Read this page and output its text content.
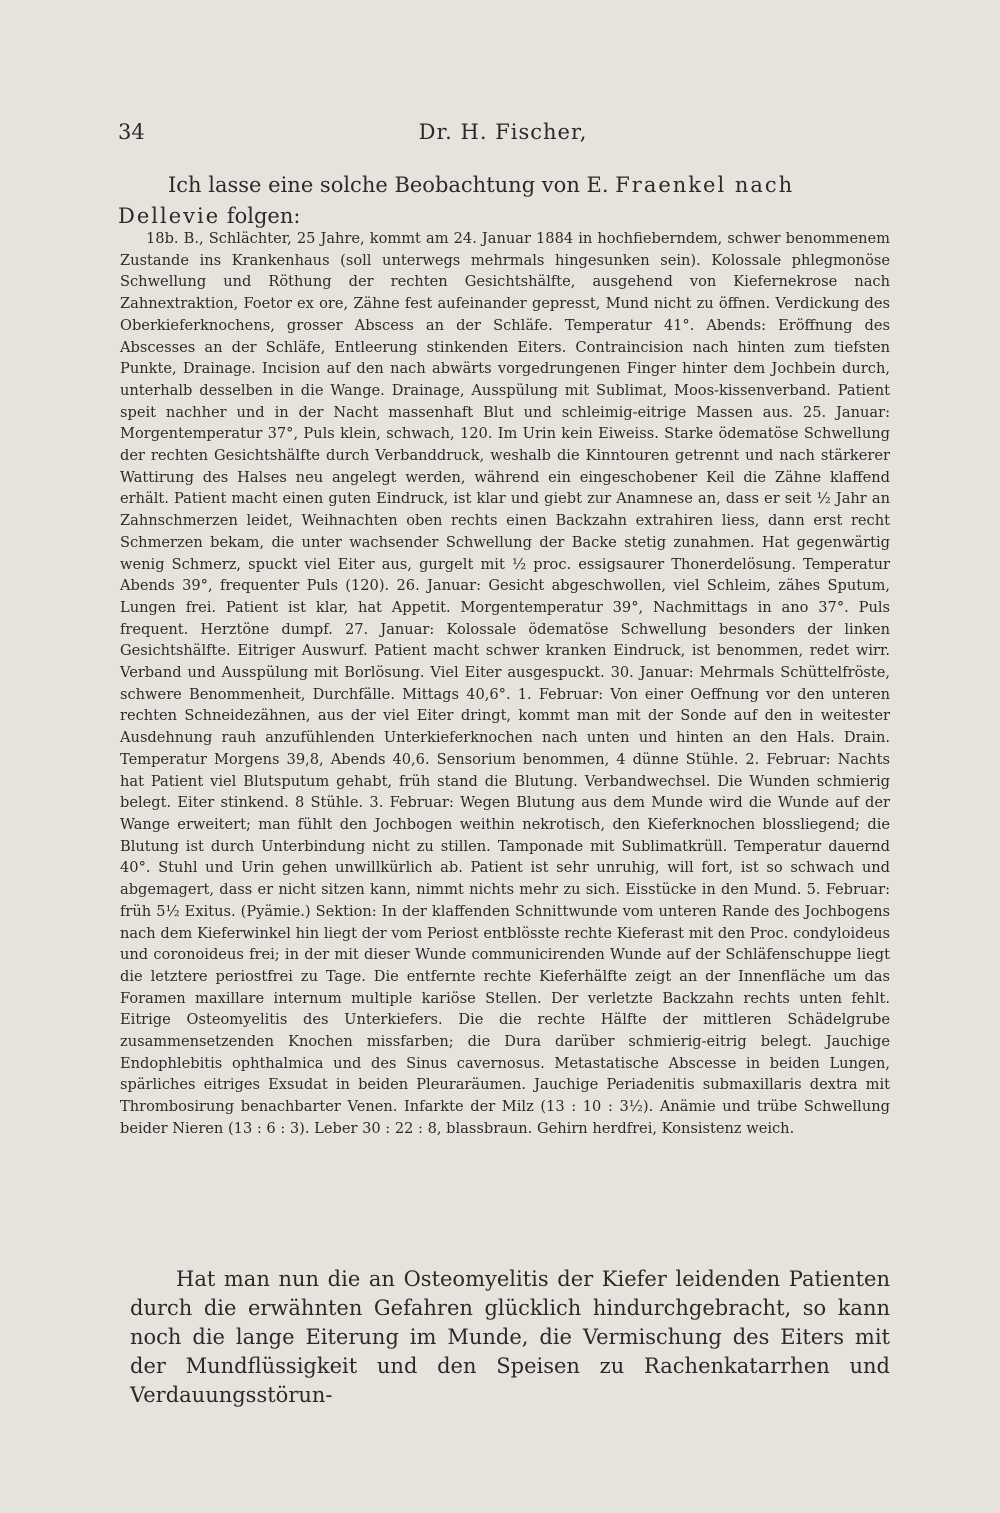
34	Dr. H. Fischer,

Ich lasse eine solche Beobachtung von E. Fraenkel nach Dellevie folgen:

18b. B., Schlächter, 25 Jahre, kommt am 24. Januar 1884 in hochfieberndem, schwer benommenem Zustande ins Krankenhaus (soll unterwegs mehrmals hingesunken sein). Kolossale phlegmonöse Schwellung und Röthung der rechten Gesichtshälfte, ausgehend von Kiefernekrose nach Zahnextraktion, Foetor ex ore, Zähne fest aufeinander gepresst, Mund nicht zu öffnen. Verdickung des Oberkieferknochens, grosser Abscess an der Schläfe. Temperatur 41°. Abends: Eröffnung des Abscesses an der Schläfe, Entleerung stinkenden Eiters. Contraincision nach hinten zum tiefsten Punkte, Drainage. Incision auf den nach abwärts vorgedrungenen Finger hinter dem Jochbein durch, unterhalb desselben in die Wange. Drainage, Ausspülung mit Sublimat, Moos-kissenverband. Patient speit nachher und in der Nacht massenhaft Blut und schleimig-eitrige Massen aus. 25. Januar: Morgentemperatur 37°, Puls klein, schwach, 120. Im Urin kein Eiweiss. Starke ödematöse Schwellung der rechten Gesichtshälfte durch Verbanddruck, weshalb die Kinntouren getrennt und nach stärkerer Wattirung des Halses neu angelegt werden, während ein eingeschobener Keil die Zähne klaffend erhält. Patient macht einen guten Eindruck, ist klar und giebt zur Anamnese an, dass er seit ½ Jahr an Zahnschmerzen leidet, Weihnachten oben rechts einen Backzahn extrahiren liess, dann erst recht Schmerzen bekam, die unter wachsender Schwellung der Backe stetig zunahmen. Hat gegenwärtig wenig Schmerz, spuckt viel Eiter aus, gurgelt mit ½ proc. essigsaurer Thonerdelösung. Temperatur Abends 39°, frequenter Puls (120). 26. Januar: Gesicht abgeschwollen, viel Schleim, zähes Sputum, Lungen frei. Patient ist klar, hat Appetit. Morgentemperatur 39°, Nachmittags in ano 37°. Puls frequent. Herztöne dumpf. 27. Januar: Kolossale ödematöse Schwellung besonders der linken Gesichtshälfte. Eitriger Auswurf. Patient macht schwer kranken Eindruck, ist benommen, redet wirr. Verband und Ausspülung mit Borlösung. Viel Eiter ausgespuckt. 30. Januar: Mehrmals Schüttelfröste, schwere Benommenheit, Durchfälle. Mittags 40,6°. 1. Februar: Von einer Oeffnung vor den unteren rechten Schneidezähnen, aus der viel Eiter dringt, kommt man mit der Sonde auf den in weitester Ausdehnung rauh anzufühlenden Unterkieferknochen nach unten und hinten an den Hals. Drain. Temperatur Morgens 39,8, Abends 40,6. Sensorium benommen, 4 dünne Stühle. 2. Februar: Nachts hat Patient viel Blutsputum gehabt, früh stand die Blutung. Verbandwechsel. Die Wunden schmierig belegt. Eiter stinkend. 8 Stühle. 3. Februar: Wegen Blutung aus dem Munde wird die Wunde auf der Wange erweitert; man fühlt den Jochbogen weithin nekrotisch, den Kieferknochen blossliegend; die Blutung ist durch Unterbindung nicht zu stillen. Tamponade mit Sublimatkrüll. Temperatur dauernd 40°. Stuhl und Urin gehen unwillkürlich ab. Patient ist sehr unruhig, will fort, ist so schwach und abgemagert, dass er nicht sitzen kann, nimmt nichts mehr zu sich. Eisstücke in den Mund. 5. Februar: früh 5½ Exitus. (Pyämie.) Sektion: In der klaffenden Schnittwunde vom unteren Rande des Jochbogens nach dem Kieferwinkel hin liegt der vom Periost entblösste rechte Kieferast mit den Proc. condyloideus und coronoideus frei; in der mit dieser Wunde communicirenden Wunde auf der Schläfenschuppe liegt die letztere periostfrei zu Tage. Die entfernte rechte Kieferhälfte zeigt an der Innenfläche um das Foramen maxillare internum multiple kariöse Stellen. Der verletzte Backzahn rechts unten fehlt. Eitrige Osteomyelitis des Unterkiefers. Die die rechte Hälfte der mittleren Schädelgrube zusammensetzenden Knochen missfarben; die Dura darüber schmierig-eitrig belegt. Jauchige Endophlebitis ophthalmica und des Sinus cavernosus. Metastatische Abscesse in beiden Lungen, spärliches eitriges Exsudat in beiden Pleuraräumen. Jauchige Periadenitis submaxillaris dextra mit Thrombosirung benachbarter Venen. Infarkte der Milz (13 : 10 : 3½). Anämie und trübe Schwellung beider Nieren (13 : 6 : 3). Leber 30 : 22 : 8, blassbraun. Gehirn herdfrei, Konsistenz weich.

Hat man nun die an Osteomyelitis der Kiefer leidenden Patienten durch die erwähnten Gefahren glücklich hindurchgebracht, so kann noch die lange Eiterung im Munde, die Vermischung des Eiters mit der Mundflüssigkeit und den Speisen zu Rachenkatarrhen und Verdauungsstörun-
